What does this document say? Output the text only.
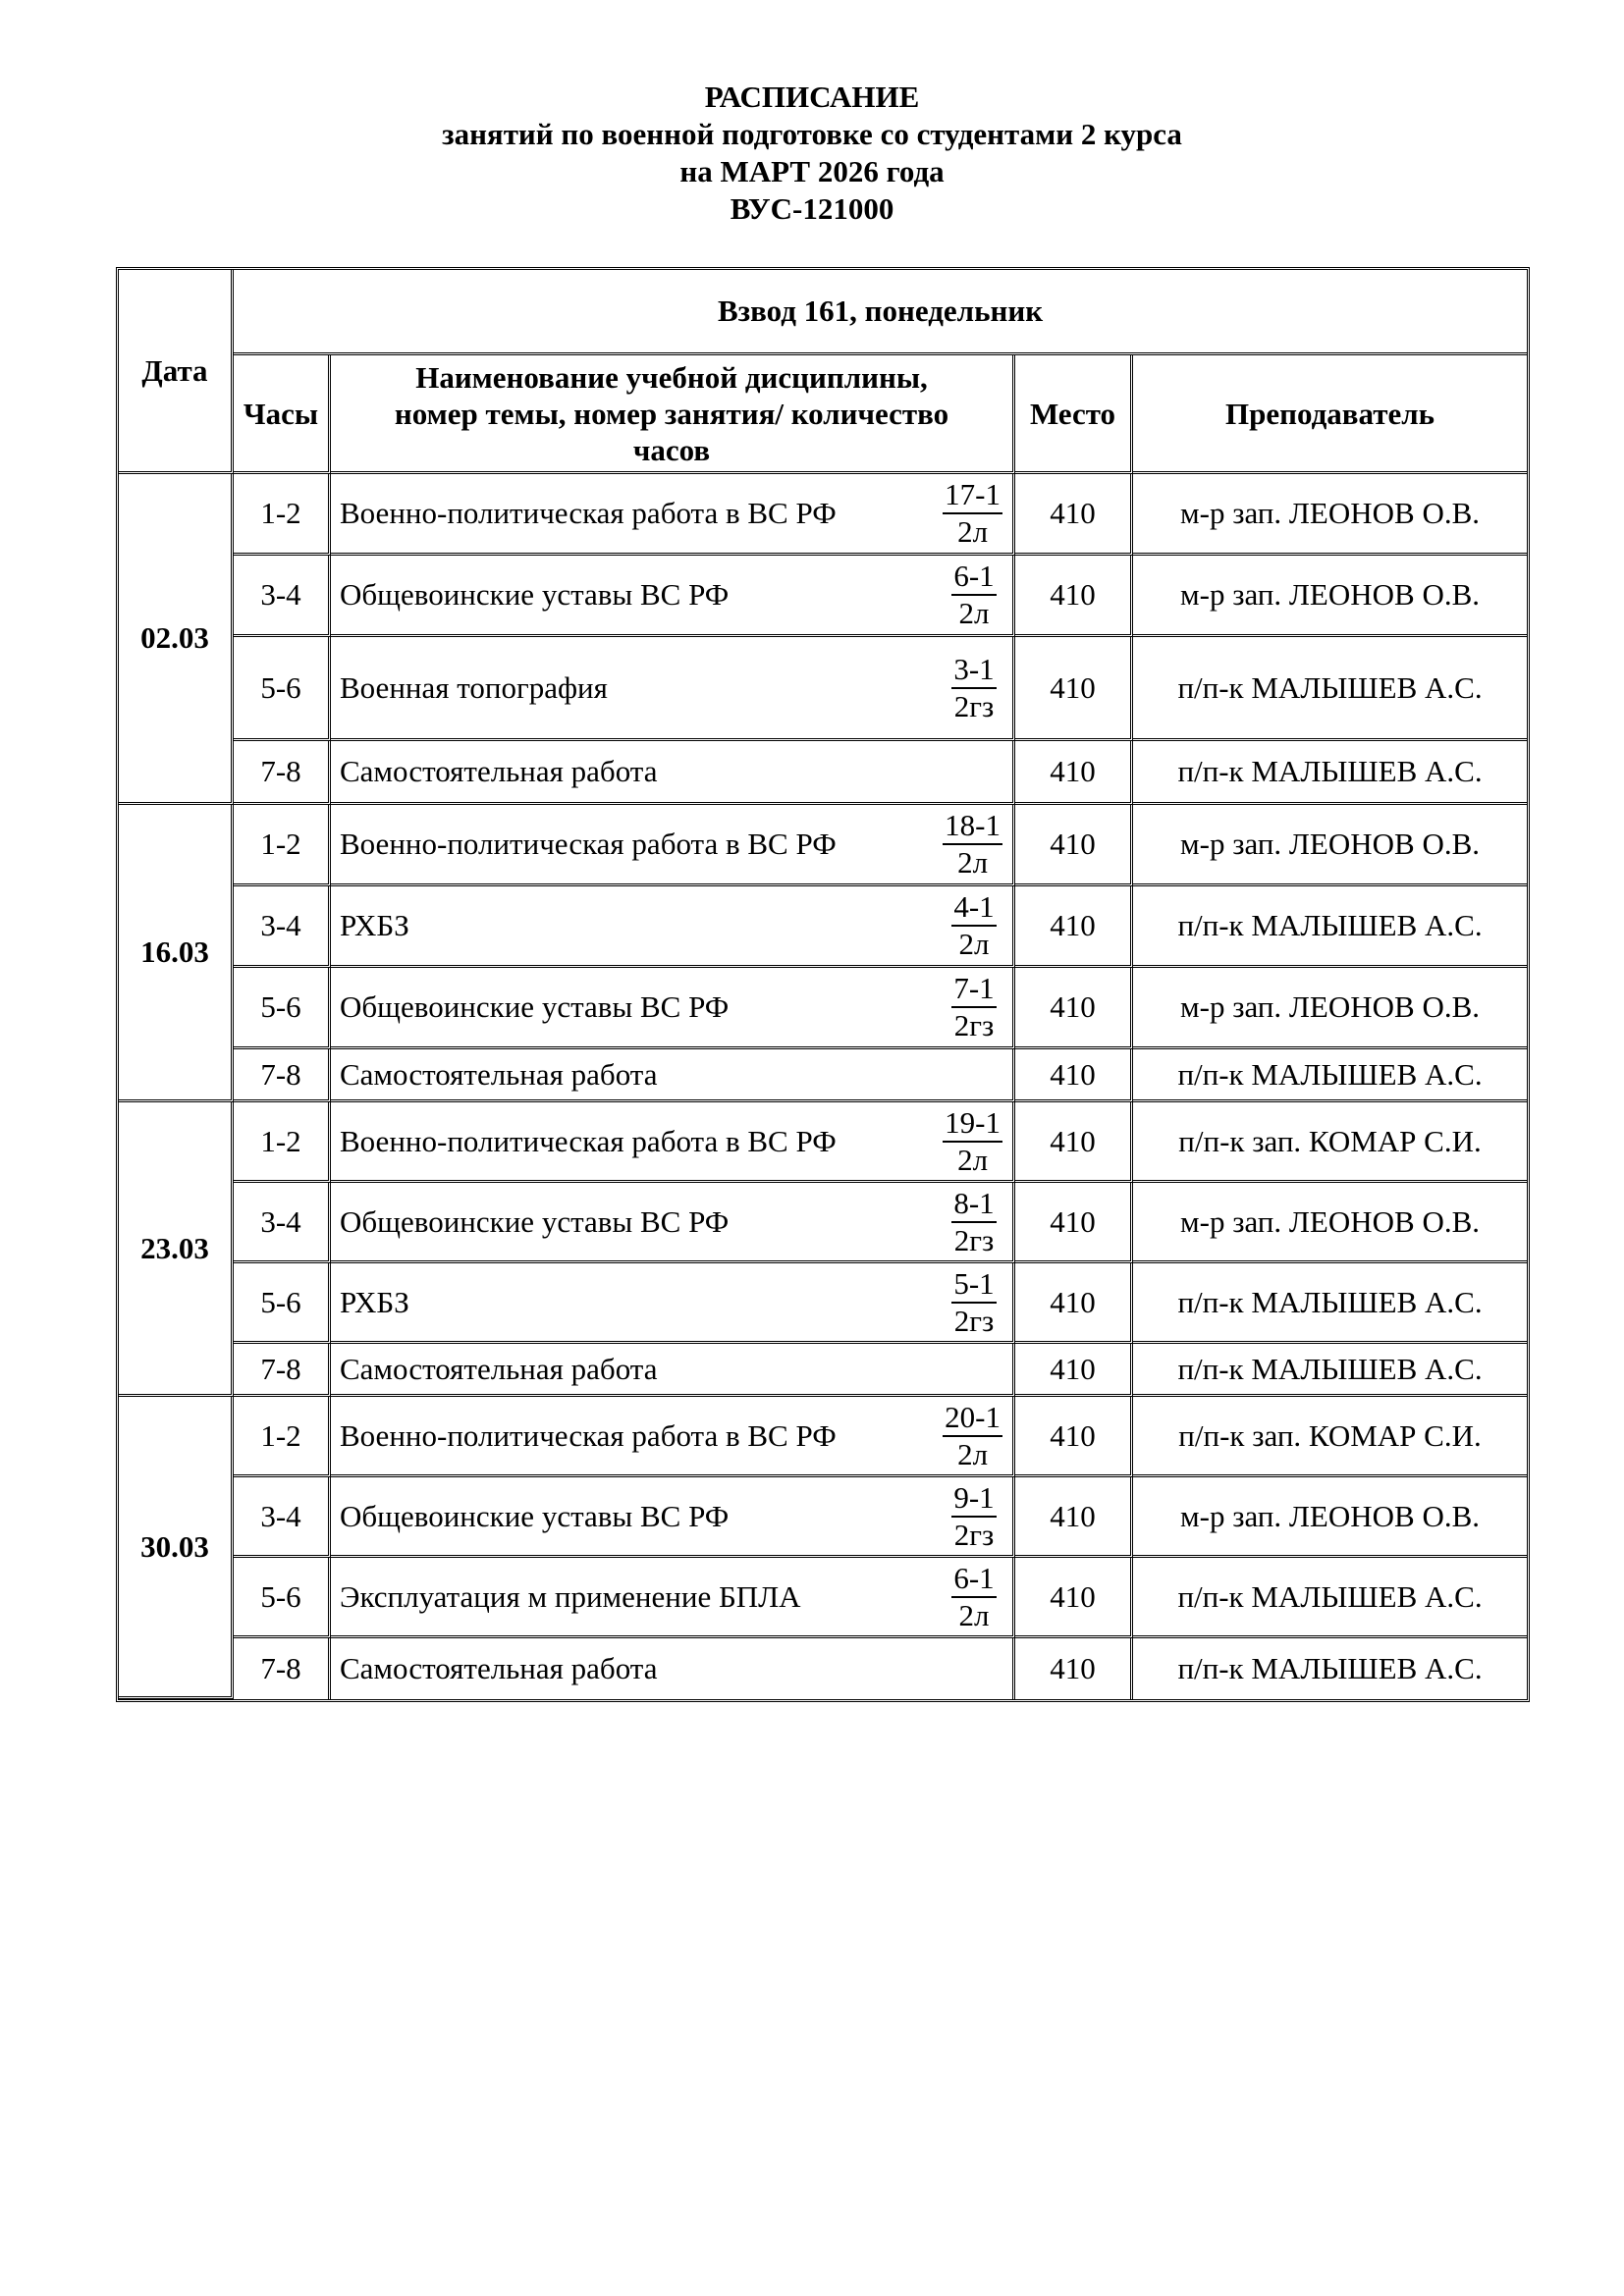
РАСПИСАНИЕ
занятий по военной подготовке со студентами 2 курса
на МАРТ 2026 года
ВУС-121000
Дата	Взвод 161, понедельник			
	Часы	Наименование учебной дисциплины,
номер темы, номер занятия/ количество
часов	Место	Преподаватель
02.03	1-2	Военно-политическая работа в ВС РФ $\frac{17-1}{2л}$	410	м-р зап. ЛЕОНОВ О.В.
	3-4	Общевоинские уставы ВС РФ $\frac{6-1}{2л}$	410	м-р зап. ЛЕОНОВ О.В.
	5-6	Военная топография $\frac{3-1}{2гз}$	410	п/п-к МАЛЫШЕВ А.С.
	7-8	Самостоятельная работа	410	п/п-к МАЛЫШЕВ А.С.
16.03	1-2	Военно-политическая работа в ВС РФ $\frac{18-1}{2л}$	410	м-р зап. ЛЕОНОВ О.В.
	3-4	РХБЗ $\frac{4-1}{2л}$	410	п/п-к МАЛЫШЕВ А.С.
	5-6	Общевоинские уставы ВС РФ $\frac{7-1}{2гз}$	410	м-р зап. ЛЕОНОВ О.В.
	7-8	Самостоятельная работа	410	п/п-к МАЛЫШЕВ А.С.
23.03	1-2	Военно-политическая работа в ВС РФ $\frac{19-1}{2л}$	410	п/п-к зап. КОМАР С.И.
	3-4	Общевоинские уставы ВС РФ $\frac{8-1}{2гз}$	410	м-р зап. ЛЕОНОВ О.В.
	5-6	РХБЗ $\frac{5-1}{2гз}$	410	п/п-к МАЛЫШЕВ А.С.
	7-8	Самостоятельная работа	410	п/п-к МАЛЫШЕВ А.С.
30.03	1-2	Военно-политическая работа в ВС РФ $\frac{20-1}{2л}$	410	п/п-к зап. КОМАР С.И.
	3-4	Общевоинские уставы ВС РФ $\frac{9-1}{2гз}$	410	м-р зап. ЛЕОНОВ О.В.
	5-6	Эксплуатация м применение БПЛА $\frac{6-1}{2л}$	410	п/п-к МАЛЫШЕВ А.С.
	7-8	Самостоятельная работа	410	п/п-к МАЛЫШЕВ А.С.
